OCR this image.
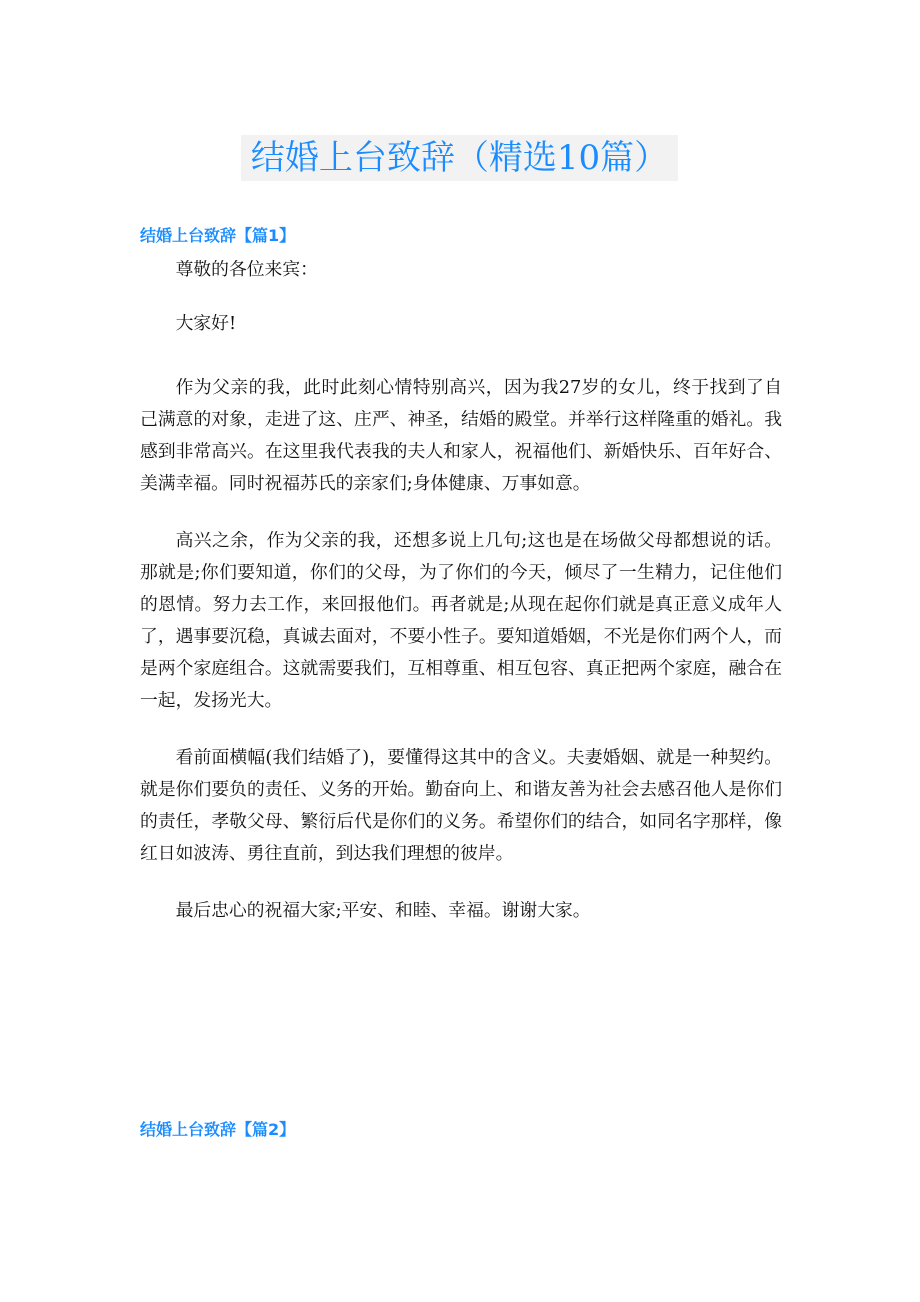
结婚上台致辞（精选10篇）
结婚上台致辞【篇1】

尊敬的各位来宾：

大家好!

作为父亲的我，此时此刻心情特别高兴，因为我27岁的女儿，终于找到了自己满意的对象，走进了这、庄严、神圣，结婚的殿堂。并举行这样隆重的婚礼。我感到非常高兴。在这里我代表我的夫人和家人，祝福他们、新婚快乐、百年好合、美满幸福。同时祝福苏氏的亲家们;身体健康、万事如意。

高兴之余，作为父亲的我，还想多说上几句;这也是在场做父母都想说的话。那就是;你们要知道，你们的父母，为了你们的今天，倾尽了一生精力，记住他们的恩情。努力去工作，来回报他们。再者就是;从现在起你们就是真正意义成年人了，遇事要沉稳，真诚去面对，不要小性子。要知道婚姻，不光是你们两个人，而是两个家庭组合。这就需要我们，互相尊重、相互包容、真正把两个家庭，融合在一起，发扬光大。

看前面横幅(我们结婚了)，要懂得这其中的含义。夫妻婚姻、就是一种契约。就是你们要负的责任、义务的开始。勤奋向上、和谐友善为社会去感召他人是你们的责任，孝敬父母、繁衍后代是你们的义务。希望你们的结合，如同名字那样，像红日如波涛、勇往直前，到达我们理想的彼岸。

最后忠心的祝福大家;平安、和睦、幸福。谢谢大家。

结婚上台致辞【篇2】
